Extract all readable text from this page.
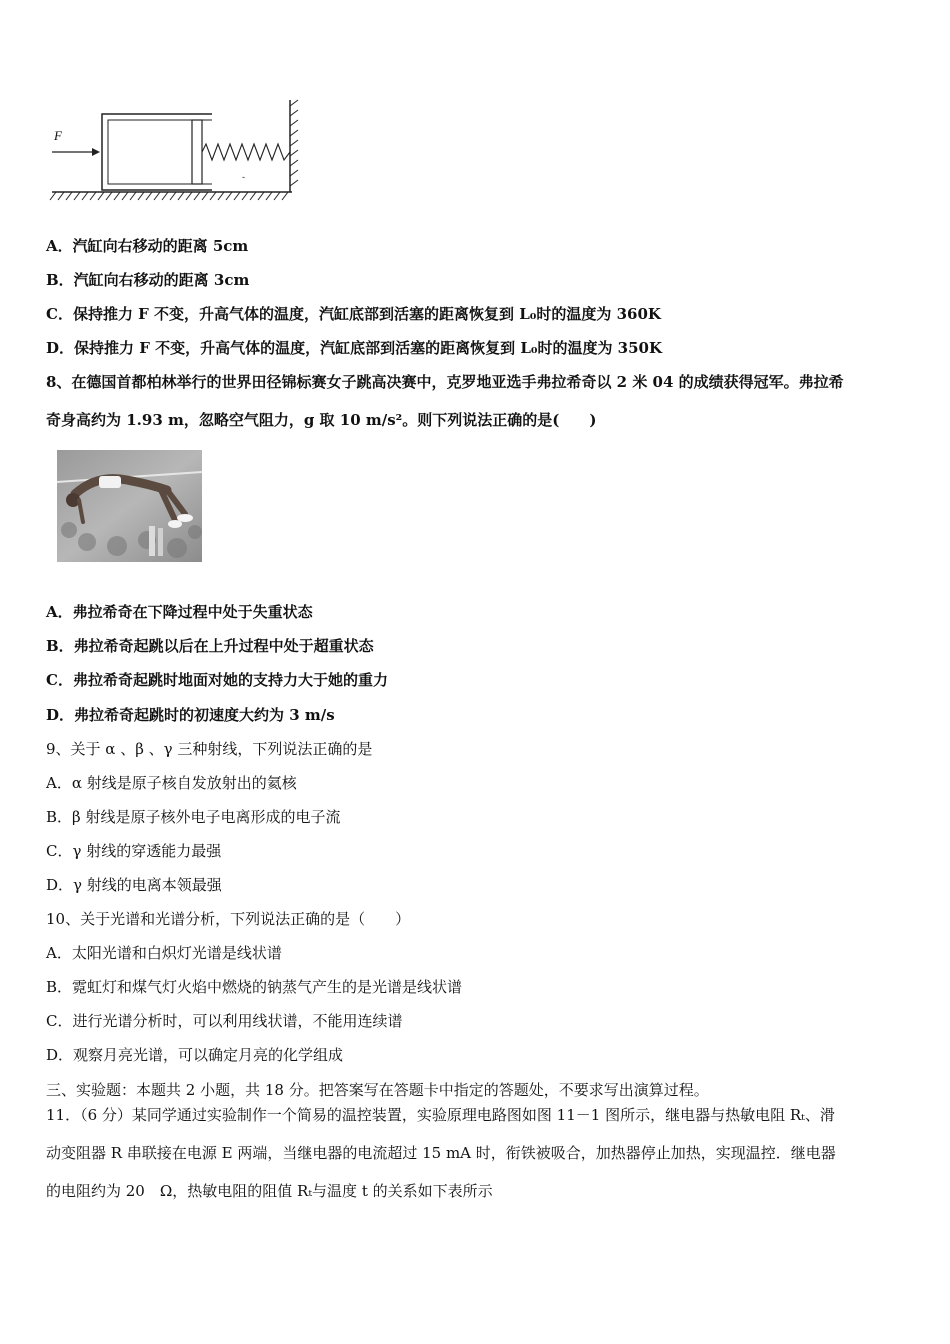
-
F
A．汽缸向右移动的距离 5cm
B．汽缸向右移动的距离 3cm
C．保持推力 F 不变，升高气体的温度，汽缸底部到活塞的距离恢复到 L₀时的温度为 360K
D．保持推力 F 不变，升高气体的温度，汽缸底部到活塞的距离恢复到 L₀时的温度为 350K
8、在德国首都柏林举行的世界田径锦标赛女子跳高决赛中，克罗地亚选手弗拉希奇以 2 米 04 的成绩获得冠军。弗拉希
奇身高约为 1.93 m，忽略空气阻力，g 取 10 m/s²。则下列说法正确的是(　　)
A．弗拉希奇在下降过程中处于失重状态
B．弗拉希奇起跳以后在上升过程中处于超重状态
C．弗拉希奇起跳时地面对她的支持力大于她的重力
D．弗拉希奇起跳时的初速度大约为 3 m/s
9、关于 α 、β 、γ 三种射线，下列说法正确的是
A．α 射线是原子核自发放射出的氦核
B．β 射线是原子核外电子电离形成的电子流
C．γ 射线的穿透能力最强
D．γ 射线的电离本领最强
10、关于光谱和光谱分析，下列说法正确的是（　　）
A．太阳光谱和白炽灯光谱是线状谱
B．霓虹灯和煤气灯火焰中燃烧的钠蒸气产生的是光谱是线状谱
C．进行光谱分析时，可以利用线状谱，不能用连续谱
D．观察月亮光谱，可以确定月亮的化学组成
三、实验题：本题共 2 小题，共 18 分。把答案写在答题卡中指定的答题处，不要求写出演算过程。
11．（6 分）某同学通过实验制作一个简易的温控装置，实验原理电路图如图 11－1 图所示，继电器与热敏电阻 Rₜ、滑
动变阻器 R 串联接在电源 E 两端，当继电器的电流超过 15 mA 时，衔铁被吸合，加热器停止加热，实现温控．继电器
的电阻约为 20　Ω，热敏电阻的阻值 Rₜ与温度 t 的关系如下表所示
